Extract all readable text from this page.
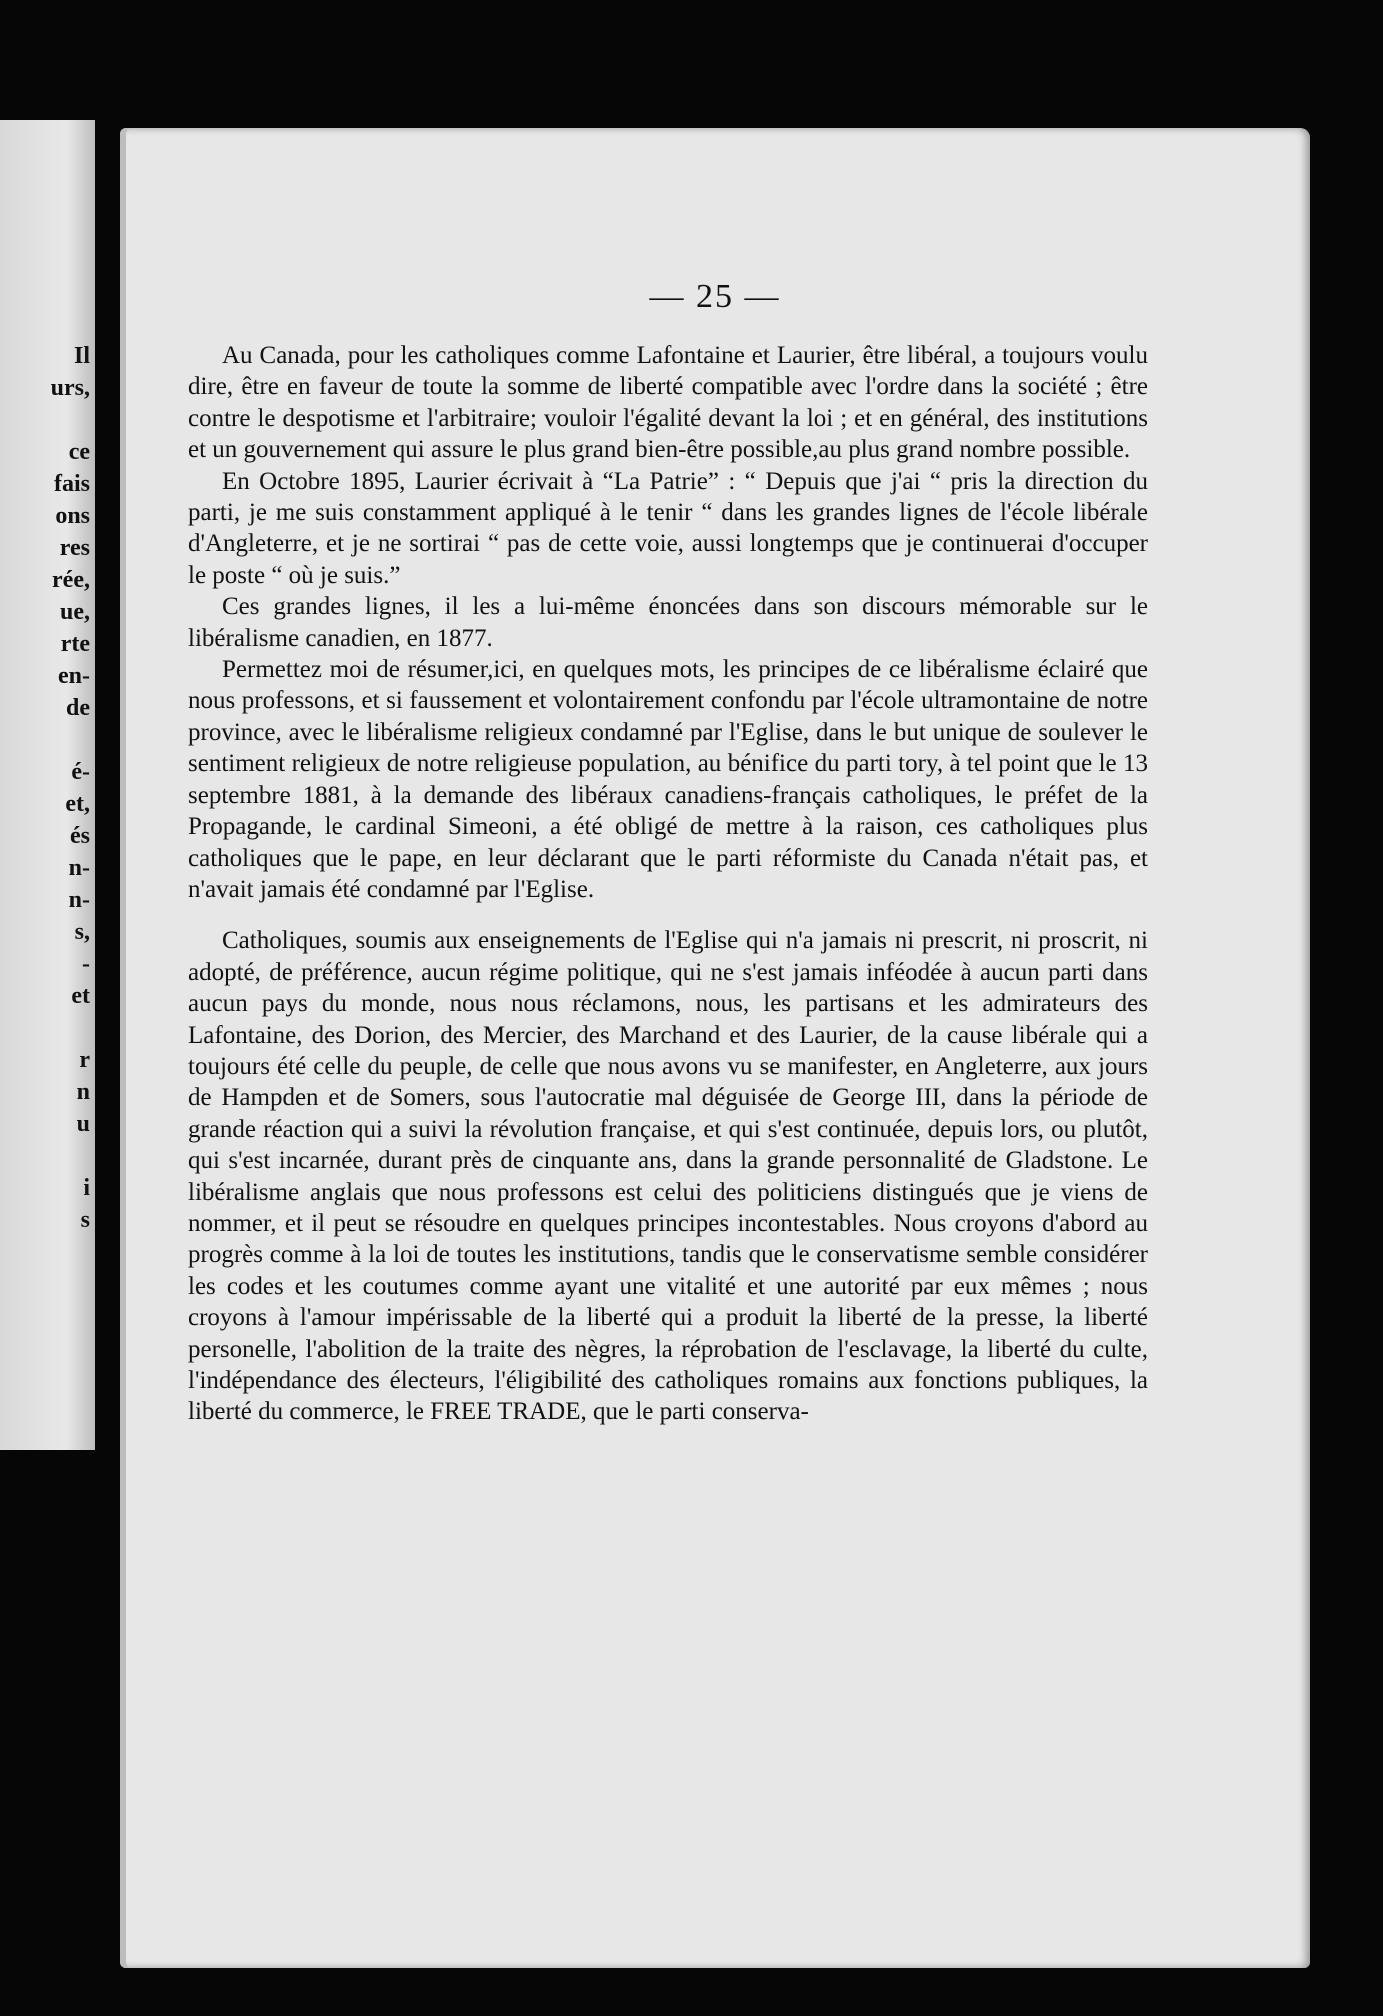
Il
urs,
ce
fais
ons
res
rée,
ue,
rte
en-
de
é-
et,
és
n-
n-
s,
-
et
r
n
u
i
s
— 25 —

Au Canada, pour les catholiques comme Lafontaine et Laurier, être libéral, a toujours voulu dire, être en faveur de toute la somme de liberté compatible avec l'ordre dans la société ; être contre le despotisme et l'arbitraire; vouloir l'égalité devant la loi ; et en général, des institutions et un gouvernement qui assure le plus grand bien-être possible,au plus grand nombre possible.

En Octobre 1895, Laurier écrivait à “La Patrie” : “ Depuis que j'ai “ pris la direction du parti, je me suis constamment appliqué à le tenir “ dans les grandes lignes de l'école libérale d'Angleterre, et je ne sortirai “ pas de cette voie, aussi longtemps que je continuerai d'occuper le poste “ où je suis.”

Ces grandes lignes, il les a lui-même énoncées dans son discours mémorable sur le libéralisme canadien, en 1877.

Permettez moi de résumer,ici, en quelques mots, les principes de ce libéralisme éclairé que nous professons, et si faussement et volontairement confondu par l'école ultramontaine de notre province, avec le libéralisme religieux condamné par l'Eglise, dans le but unique de soulever le sentiment religieux de notre religieuse population, au bénifice du parti tory, à tel point que le 13 septembre 1881, à la demande des libéraux canadiens-français catholiques, le préfet de la Propagande, le cardinal Simeoni, a été obligé de mettre à la raison, ces catholiques plus catholiques que le pape, en leur déclarant que le parti réformiste du Canada n'était pas, et n'avait jamais été condamné par l'Eglise.

Catholiques, soumis aux enseignements de l'Eglise qui n'a jamais ni prescrit, ni proscrit, ni adopté, de préférence, aucun régime politique, qui ne s'est jamais inféodée à aucun parti dans aucun pays du monde, nous nous réclamons, nous, les partisans et les admirateurs des Lafontaine, des Dorion, des Mercier, des Marchand et des Laurier, de la cause libérale qui a toujours été celle du peuple, de celle que nous avons vu se manifester, en Angleterre, aux jours de Hampden et de Somers, sous l'autocratie mal déguisée de George III, dans la période de grande réaction qui a suivi la révolution française, et qui s'est continuée, depuis lors, ou plutôt, qui s'est incarnée, durant près de cinquante ans, dans la grande personnalité de Gladstone. Le libéralisme anglais que nous professons est celui des politiciens distingués que je viens de nommer, et il peut se résoudre en quelques principes incontestables. Nous croyons d'abord au progrès comme à la loi de toutes les institutions, tandis que le conservatisme semble considérer les codes et les coutumes comme ayant une vitalité et une autorité par eux mêmes ; nous croyons à l'amour impérissable de la liberté qui a produit la liberté de la presse, la liberté personelle, l'abolition de la traite des nègres, la réprobation de l'esclavage, la liberté du culte, l'indépendance des électeurs, l'éligibilité des catholiques romains aux fonctions publiques, la liberté du commerce, le FREE TRADE, que le parti conserva-
